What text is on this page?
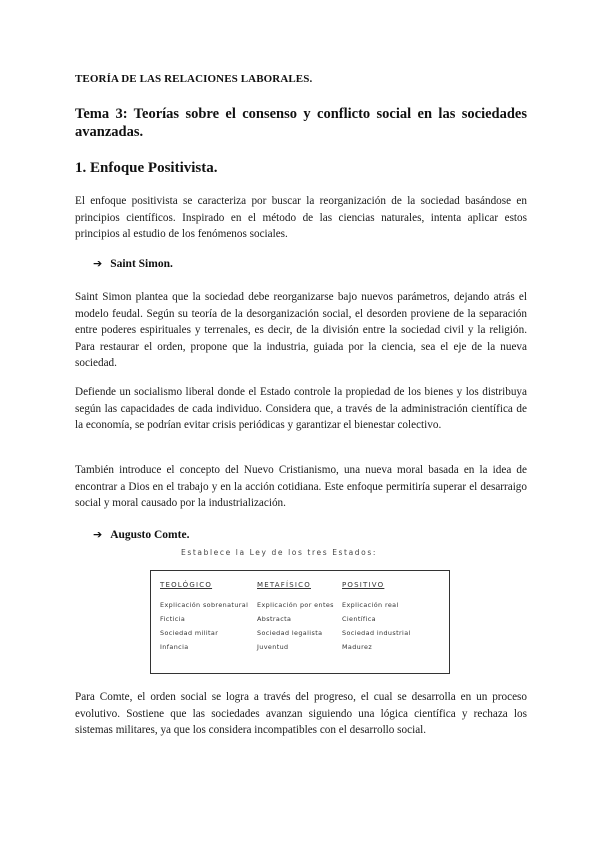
TEORÍA DE LAS RELACIONES LABORALES.
Tema 3: Teorías sobre el consenso y conflicto social en las sociedades avanzadas.
1. Enfoque Positivista.
El enfoque positivista se caracteriza por buscar la reorganización de la sociedad basándose en principios científicos. Inspirado en el método de las ciencias naturales, intenta aplicar estos principios al estudio de los fenómenos sociales.
➔ Saint Simon.
Saint Simon plantea que la sociedad debe reorganizarse bajo nuevos parámetros, dejando atrás el modelo feudal. Según su teoría de la desorganización social, el desorden proviene de la separación entre poderes espirituales y terrenales, es decir, de la división entre la sociedad civil y la religión. Para restaurar el orden, propone que la industria, guiada por la ciencia, sea el eje de la nueva sociedad.
Defiende un socialismo liberal donde el Estado controle la propiedad de los bienes y los distribuya según las capacidades de cada individuo. Considera que, a través de la administración científica de la economía, se podrían evitar crisis periódicas y garantizar el bienestar colectivo.
También introduce el concepto del Nuevo Cristianismo, una nueva moral basada en la idea de encontrar a Dios en el trabajo y en la acción cotidiana. Este enfoque permitiría superar el desarraigo social y moral causado por la industrialización.
➔ Augusto Comte.
Establece la Ley de los tres Estados:
TEOLÓGICO
Explicación sobrenatural
Ficticia
Sociedad militar
Infancia
METAFÍSICO
Explicación por entes
Abstracta
Sociedad legalista
Juventud
POSITIVO
Explicación real
Científica
Sociedad industrial
Madurez
Para Comte, el orden social se logra a través del progreso, el cual se desarrolla en un proceso evolutivo. Sostiene que las sociedades avanzan siguiendo una lógica científica y rechaza los sistemas militares, ya que los considera incompatibles con el desarrollo social.
